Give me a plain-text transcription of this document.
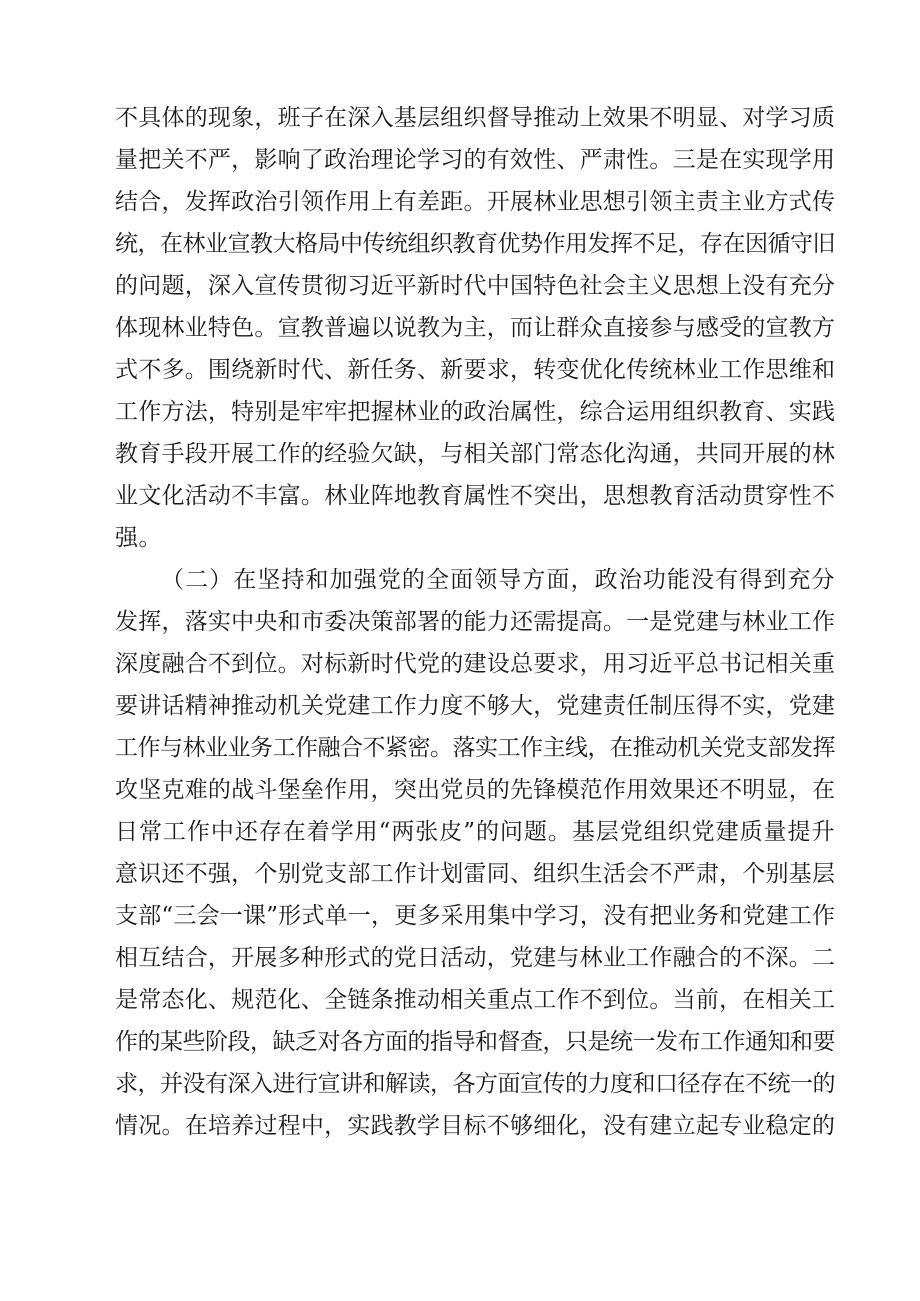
不具体的现象，班子在深入基层组织督导推动上效果不明显、对学习质
量把关不严，影响了政治理论学习的有效性、严肃性。三是在实现学用
结合，发挥政治引领作用上有差距。开展林业思想引领主责主业方式传
统，在林业宣教大格局中传统组织教育优势作用发挥不足，存在因循守旧
的问题，深入宣传贯彻习近平新时代中国特色社会主义思想上没有充分
体现林业特色。宣教普遍以说教为主，而让群众直接参与感受的宣教方
式不多。围绕新时代、新任务、新要求，转变优化传统林业工作思维和
工作方法，特别是牢牢把握林业的政治属性，综合运用组织教育、实践
教育手段开展工作的经验欠缺，与相关部门常态化沟通，共同开展的林
业文化活动不丰富。林业阵地教育属性不突出，思想教育活动贯穿性不
强。
（二）在坚持和加强党的全面领导方面，政治功能没有得到充分
发挥，落实中央和市委决策部署的能力还需提高。一是党建与林业工作
深度融合不到位。对标新时代党的建设总要求，用习近平总书记相关重
要讲话精神推动机关党建工作力度不够大，党建责任制压得不实，党建
工作与林业业务工作融合不紧密。落实工作主线，在推动机关党支部发挥
攻坚克难的战斗堡垒作用，突出党员的先锋模范作用效果还不明显，在
日常工作中还存在着学用“两张皮”的问题。基层党组织党建质量提升
意识还不强，个别党支部工作计划雷同、组织生活会不严肃，个别基层
支部“三会一课”形式单一，更多采用集中学习，没有把业务和党建工作
相互结合，开展多种形式的党日活动，党建与林业工作融合的不深。二
是常态化、规范化、全链条推动相关重点工作不到位。当前，在相关工
作的某些阶段，缺乏对各方面的指导和督查，只是统一发布工作通知和要
求，并没有深入进行宣讲和解读，各方面宣传的力度和口径存在不统一的
情况。在培养过程中，实践教学目标不够细化，没有建立起专业稳定的
